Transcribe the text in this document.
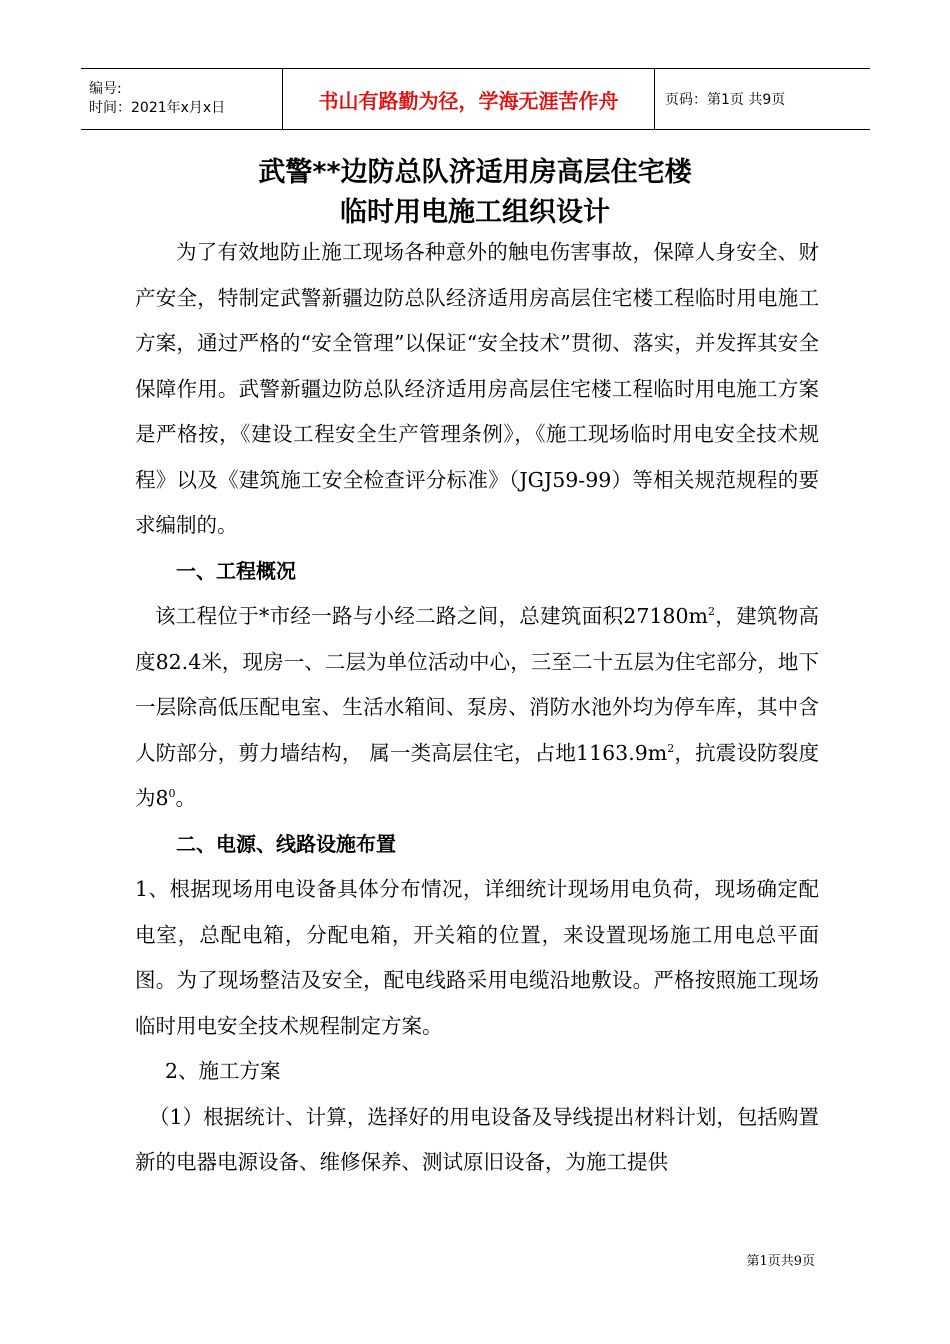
编号:
时间：2021年x月x日	书山有路勤为径，学海无涯苦作舟	页码：第1页 共9页
武警**边防总队济适用房高层住宅楼
临时用电施工组织设计

为了有效地防止施工现场各种意外的触电伤害事故，保障人身安全、财产安全，特制定武警新疆边防总队经济适用房高层住宅楼工程临时用电施工方案，通过严格的“安全管理”以保证“安全技术”贯彻、落实，并发挥其安全保障作用。武警新疆边防总队经济适用房高层住宅楼工程临时用电施工方案是严格按，《建设工程安全生产管理条例》，《施工现场临时用电安全技术规程》以及《建筑施工安全检查评分标准》（JGJ59-99）等相关规范规程的要求编制的。

一、工程概况

该工程位于*市经一路与小经二路之间，总建筑面积$27180m^2$，建筑物高度82.4米，现房一、二层为单位活动中心，三至二十五层为住宅部分，地下一层除高低压配电室、生活水箱间、泵房、消防水池外均为停车库，其中含人防部分，剪力墙结构， 属一类高层住宅，占地$1163.9m^2$，抗震设防裂度为$8^0$。

二、电源、线路设施布置

1、根据现场用电设备具体分布情况，详细统计现场用电负荷，现场确定配电室，总配电箱，分配电箱，开关箱的位置，来设置现场施工用电总平面图。为了现场整洁及安全，配电线路采用电缆沿地敷设。严格按照施工现场临时用电安全技术规程制定方案。

2、施工方案

（1）根据统计、计算，选择好的用电设备及导线提出材料计划，包括购置新的电器电源设备、维修保养、测试原旧设备，为施工提供

第1页共9页
